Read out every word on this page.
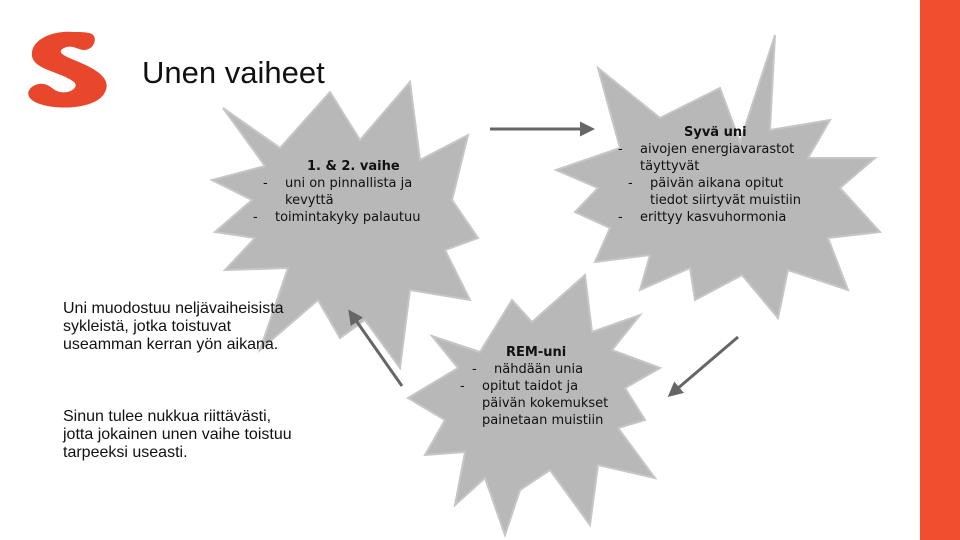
Unen vaiheet
1. & 2. vaihe
- uni on pinnallista ja kevyttä
- toimintakyky palautuu
Syvä uni
- aivojen energiavarastot täyttyvät
- päivän aikana opitut tiedot siirtyvät muistiin
- erittyy kasvuhormonia
REM-uni
- nähdään unia
- opitut taidot ja päivän kokemukset painetaan muistiin
Uni muodostuu neljävaiheisista sykleistä, jotka toistuvat useamman kerran yön aikana.
Sinun tulee nukkua riittävästi, jotta jokainen unen vaihe toistuu tarpeeksi useasti.
